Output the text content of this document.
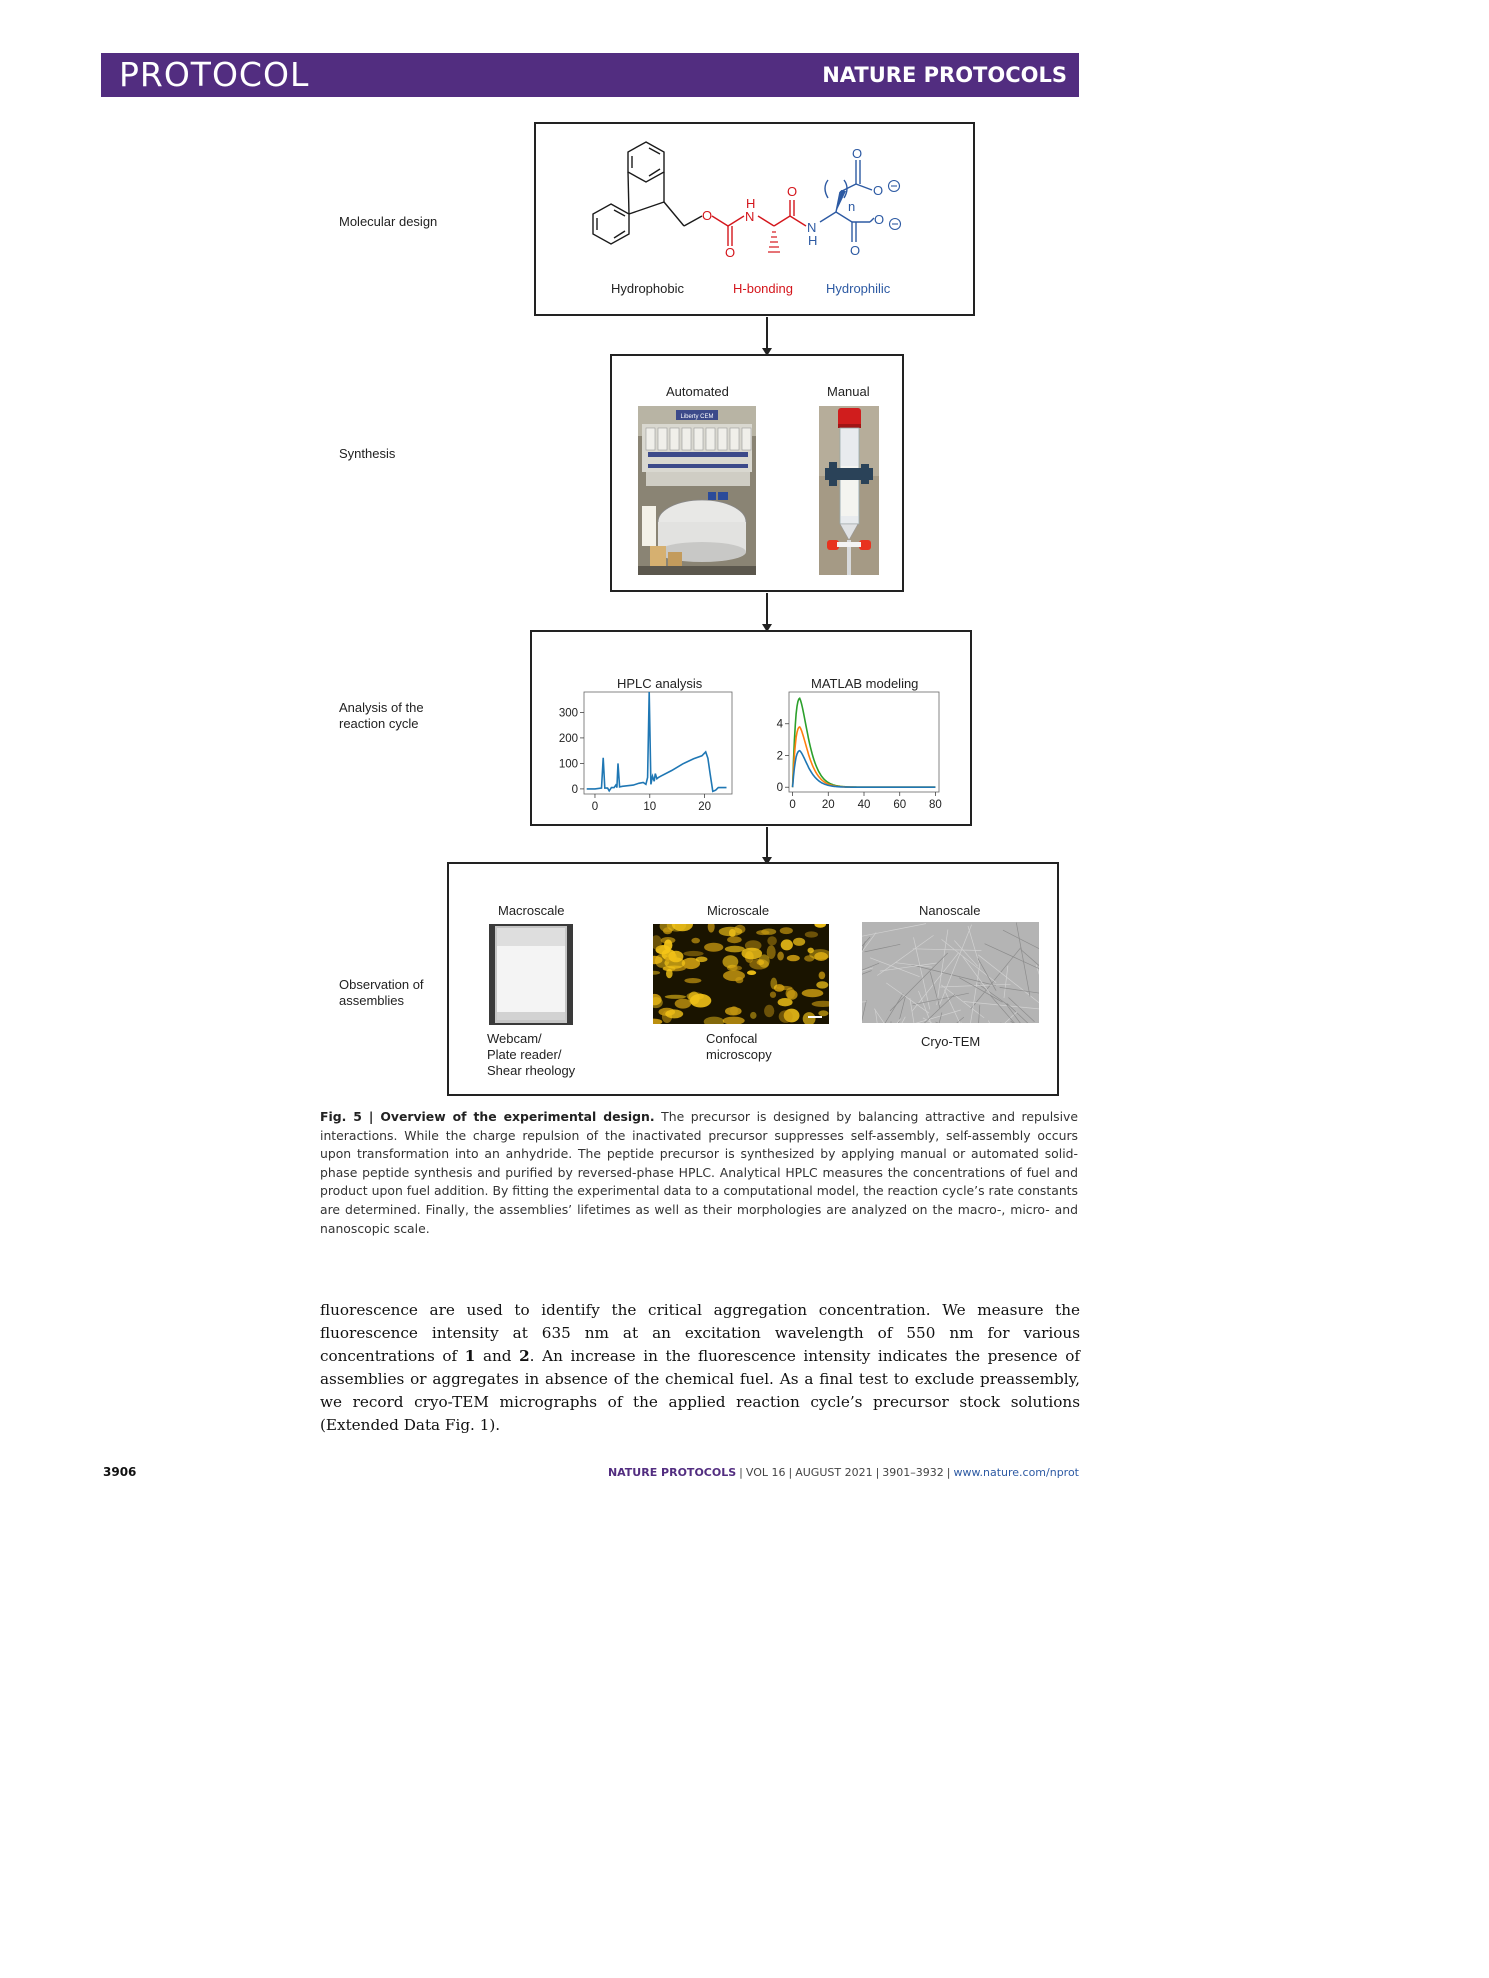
PROTOCOL	NATURE PROTOCOLS
Molecular design
Synthesis
Analysis of the reaction cycle
Observation of assemblies
O
O
H
N
O
N
H
O
O
O
O
n
Hydrophobic	H-bonding	Hydrophilic
Automated	Manual
Liberty CEM
HPLC analysis	MATLAB modeling
0	10	20
0
100
200
300
0 20 40 60 80
0
2
4
Macroscale	Microscale	Nanoscale
Webcam/
Plate reader/
Shear rheology
Confocal
microscopy
Cryo-TEM
Fig. 5 | Overview of the experimental design. The precursor is designed by balancing attractive and repulsive interactions. While the charge repulsion of the inactivated precursor suppresses self-assembly, self-assembly occurs upon transformation into an anhydride. The peptide precursor is synthesized by applying manual or automated solid-phase peptide synthesis and purified by reversed-phase HPLC. Analytical HPLC measures the concentrations of fuel and product upon fuel addition. By fitting the experimental data to a computational model, the reaction cycle’s rate constants are determined. Finally, the assemblies’ lifetimes as well as their morphologies are analyzed on the macro-, micro- and nanoscopic scale.
fluorescence are used to identify the critical aggregation concentration. We measure the fluorescence intensity at 635 nm at an excitation wavelength of 550 nm for various concentrations of 1 and 2. An increase in the fluorescence intensity indicates the presence of assemblies or aggregates in absence of the chemical fuel. As a final test to exclude preassembly, we record cryo-TEM micrographs of the applied reaction cycle’s precursor stock solutions (Extended Data Fig. 1).
3906	NATURE PROTOCOLS | VOL 16 | AUGUST 2021 | 3901–3932 | www.nature.com/nprot
